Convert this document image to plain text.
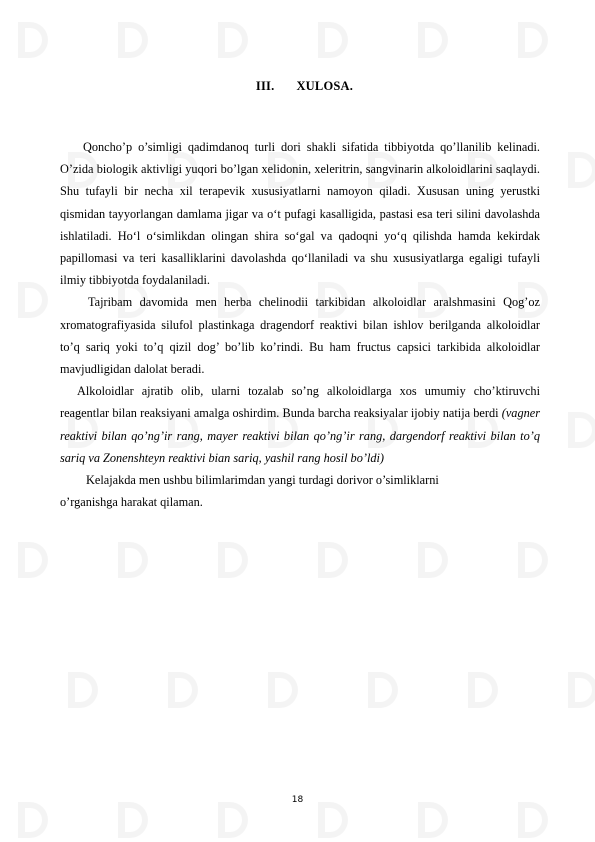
III. XULOSA.

Qoncho’p o’simligi qadimdanoq turli dori shakli sifatida tibbiyotda qo’llanilib kelinadi. O’zida biologik aktivligi yuqori bo’lgan xelidonin, xeleritrin, sangvinarin alkoloidlarini saqlaydi. Shu tufayli bir necha xil terapevik xususiyatlarni namoyon qiladi. Xususan uning yerustki qismidan tayyorlangan damlama jigar va o‘t pufagi kasalligida, pastasi esa teri silini davolashda ishlatiladi. Ho‘l o‘simlikdan olingan shira so‘gal va qadoqni yo‘q qilishda hamda kekirdak papillomasi va teri kasalliklarini davolashda qo‘llaniladi va shu xususiyatlarga egaligi tufayli ilmiy tibbiyotda foydalaniladi.

Tajribam davomida men herba chelinodii tarkibidan alkoloidlar aralshmasini Qog’oz xromatografiyasida silufol plastinkaga dragendorf reaktivi bilan ishlov berilganda alkoloidlar to’q sariq yoki to’q qizil dog’ bo’lib ko’rindi. Bu ham fructus capsici tarkibida alkoloidlar mavjudligidan dalolat beradi.

Alkoloidlar ajratib olib, ularni tozalab so’ng alkoloidlarga xos umumiy cho’ktiruvchi reagentlar bilan reaksiyani amalga oshirdim. Bunda barcha reaksiyalar ijobiy natija berdi (vagner reaktivi bilan qo’ng’ir rang, mayer reaktivi bilan qo’ng’ir rang, dargendorf reaktivi bilan to’q sariq va Zonenshteyn reaktivi bian sariq, yashil rang hosil bo’ldi)

Kelajakda men ushbu bilimlarimdan yangi turdagi dorivor o’simliklarni
o’rganishga harakat qilaman.

18
